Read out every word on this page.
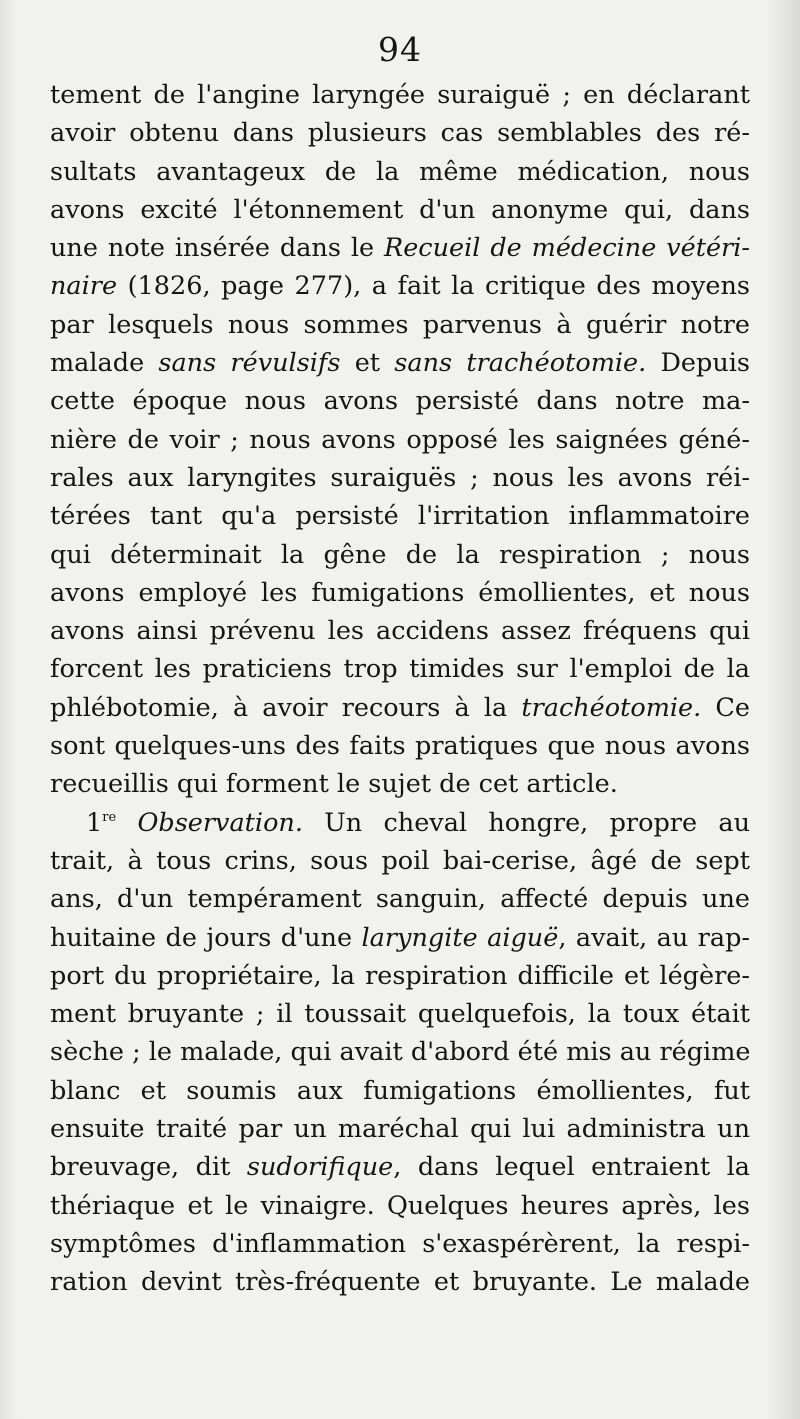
94
tement de l'angine laryngée suraiguë ; en déclarant
avoir obtenu dans plusieurs cas semblables des ré-
sultats avantageux de la même médication, nous
avons excité l'étonnement d'un anonyme qui, dans
une note insérée dans le Recueil de médecine vétéri-
naire (1826, page 277), a fait la critique des moyens
par lesquels nous sommes parvenus à guérir notre
malade sans révulsifs et sans trachéotomie. Depuis
cette époque nous avons persisté dans notre ma-
nière de voir ; nous avons opposé les saignées géné-
rales aux laryngites suraiguës ; nous les avons réi-
térées tant qu'a persisté l'irritation inflammatoire
qui déterminait la gêne de la respiration ; nous
avons employé les fumigations émollientes, et nous
avons ainsi prévenu les accidens assez fréquens qui
forcent les praticiens trop timides sur l'emploi de la
phlébotomie, à avoir recours à la trachéotomie. Ce
sont quelques-uns des faits pratiques que nous avons
recueillis qui forment le sujet de cet article.
1re Observation. Un cheval hongre, propre au
trait, à tous crins, sous poil bai-cerise, âgé de sept
ans, d'un tempérament sanguin, affecté depuis une
huitaine de jours d'une laryngite aiguë, avait, au rap-
port du propriétaire, la respiration difficile et légère-
ment bruyante ; il toussait quelquefois, la toux était
sèche ; le malade, qui avait d'abord été mis au régime
blanc et soumis aux fumigations émollientes, fut
ensuite traité par un maréchal qui lui administra un
breuvage, dit sudorifique, dans lequel entraient la
thériaque et le vinaigre. Quelques heures après, les
symptômes d'inflammation s'exaspérèrent, la respi-
ration devint très-fréquente et bruyante. Le malade
